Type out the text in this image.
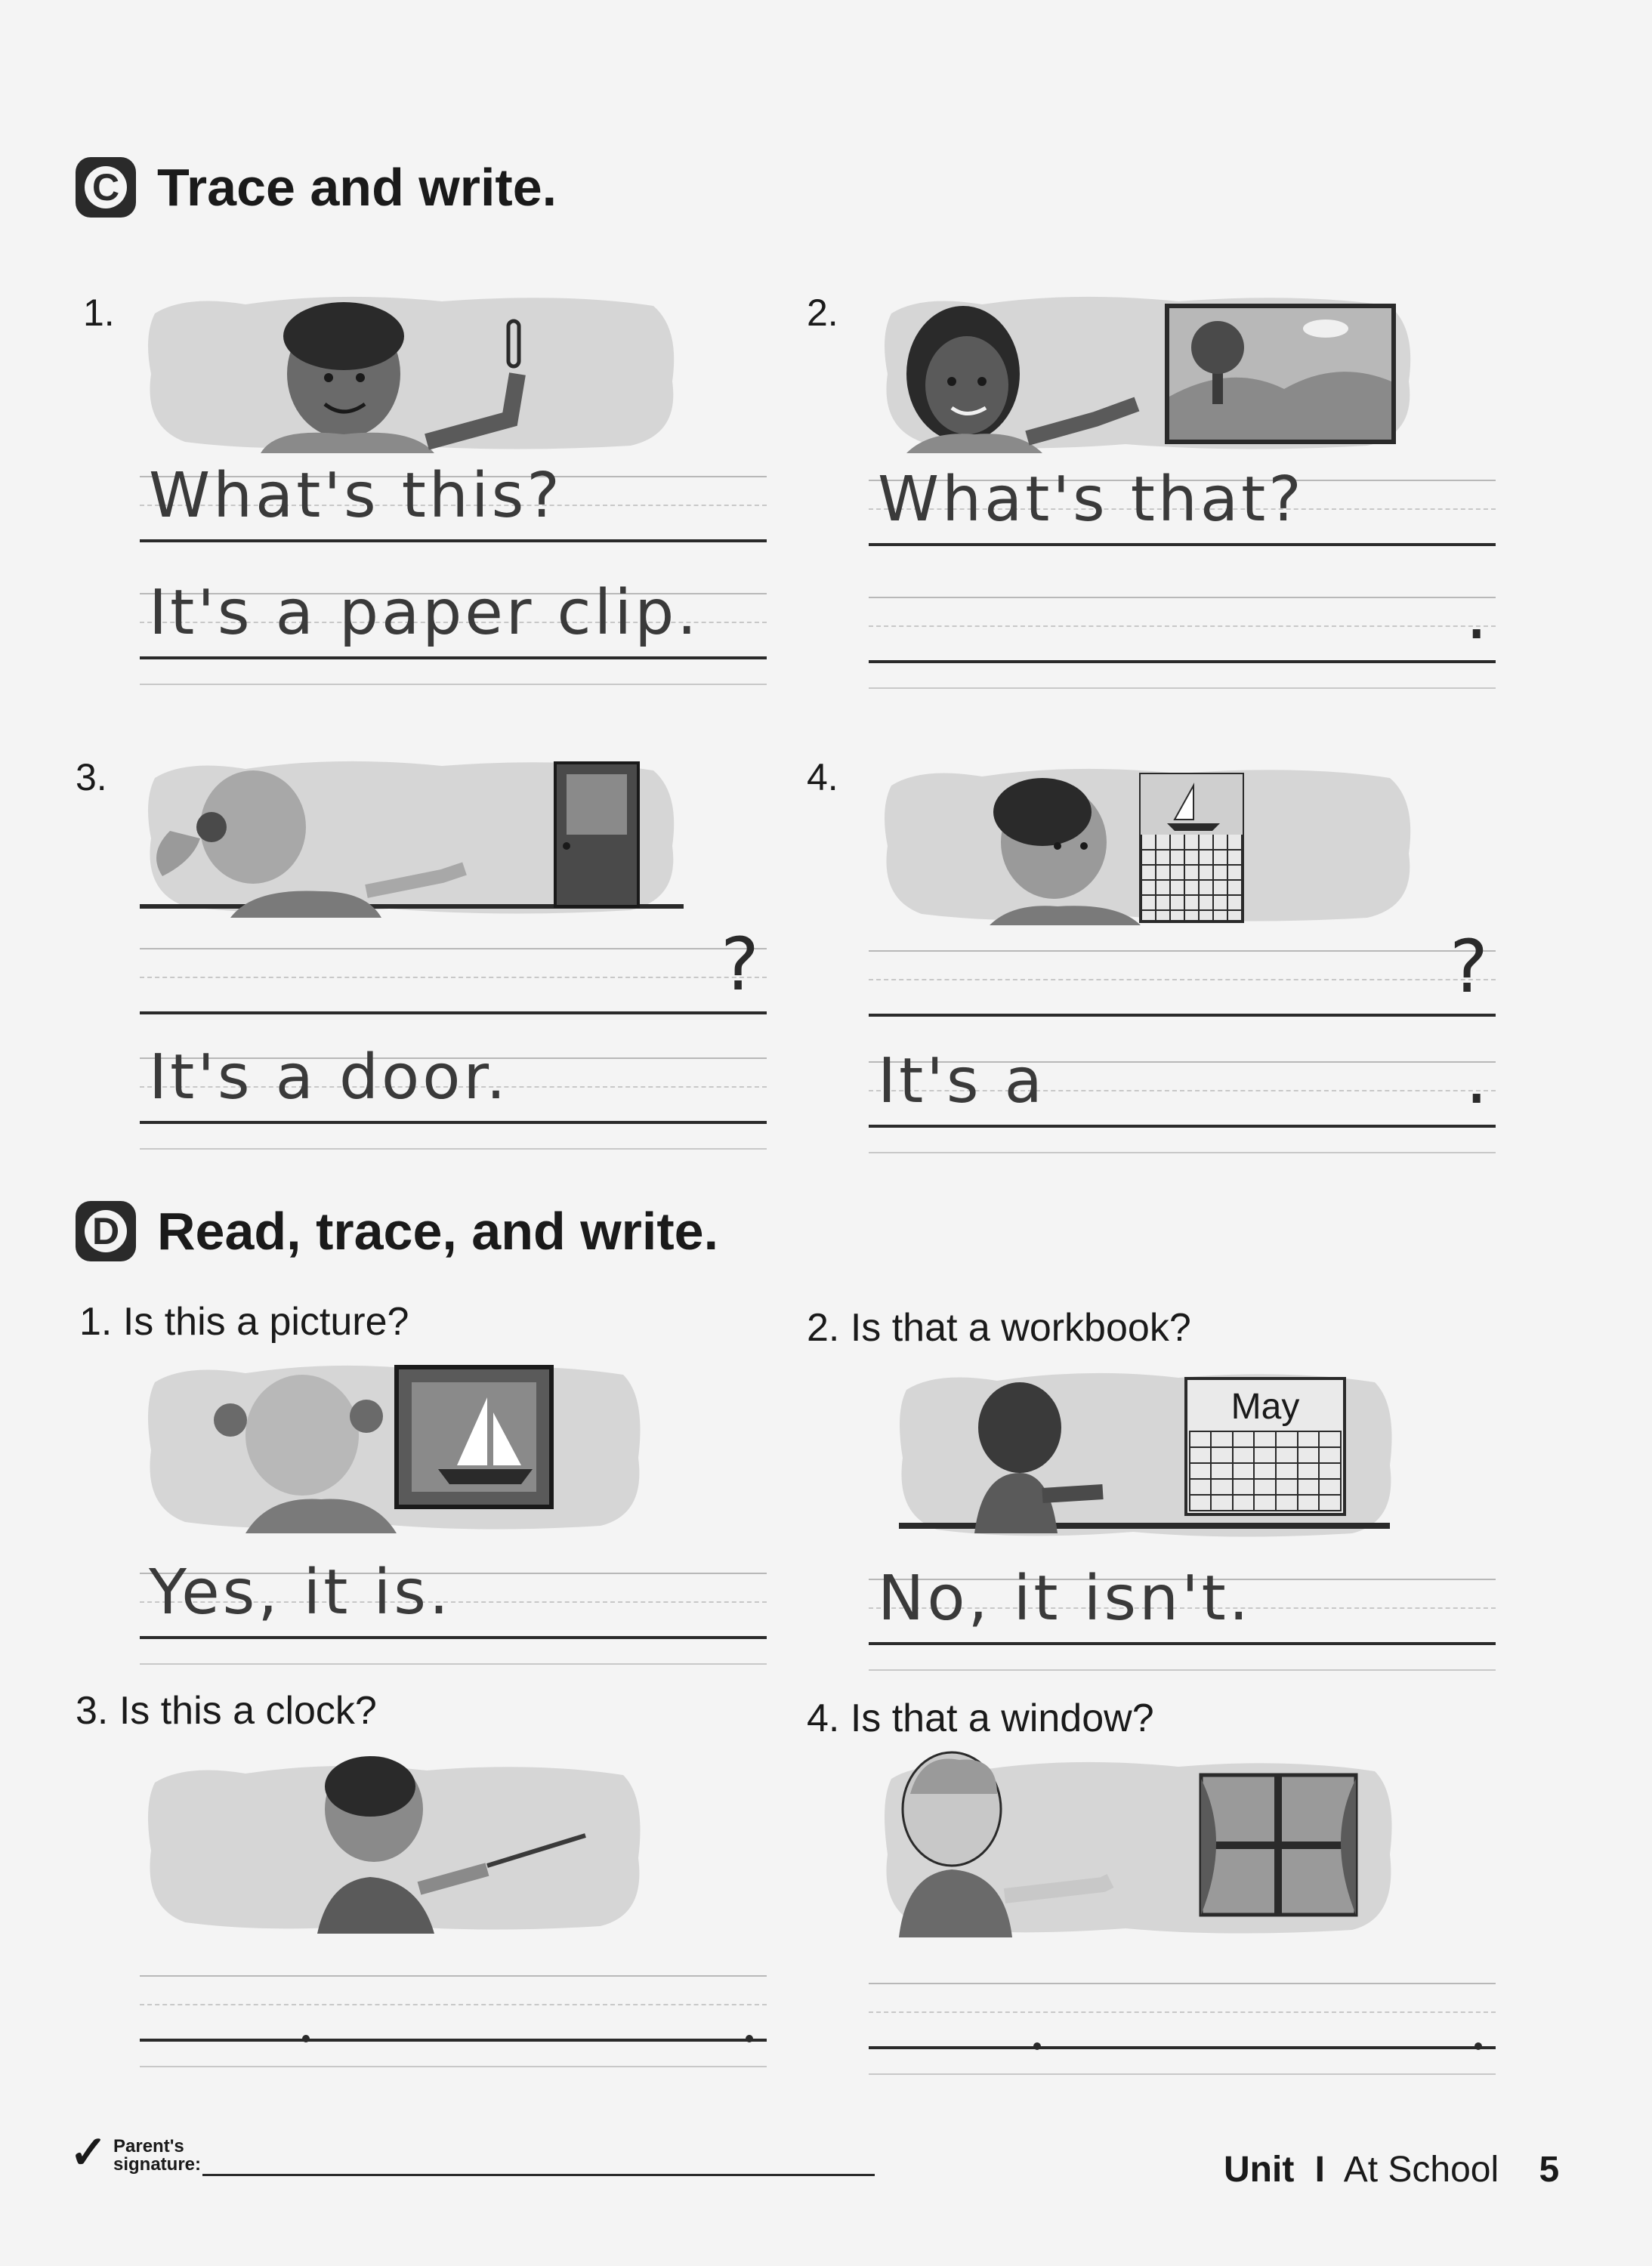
C Trace and write.
1.
What's this?
It's a paper clip.
2.
What's that?
.
3.
?
It's a door.
4.
?
It's a	.
D Read, trace, and write.
1. Is this a picture?
Yes, it is.
2. Is that a workbook?
May
No, it isn't.
3. Is this a clock?	4. Is that a window?
✓ Parent's
signature:	Unit I At School 5
